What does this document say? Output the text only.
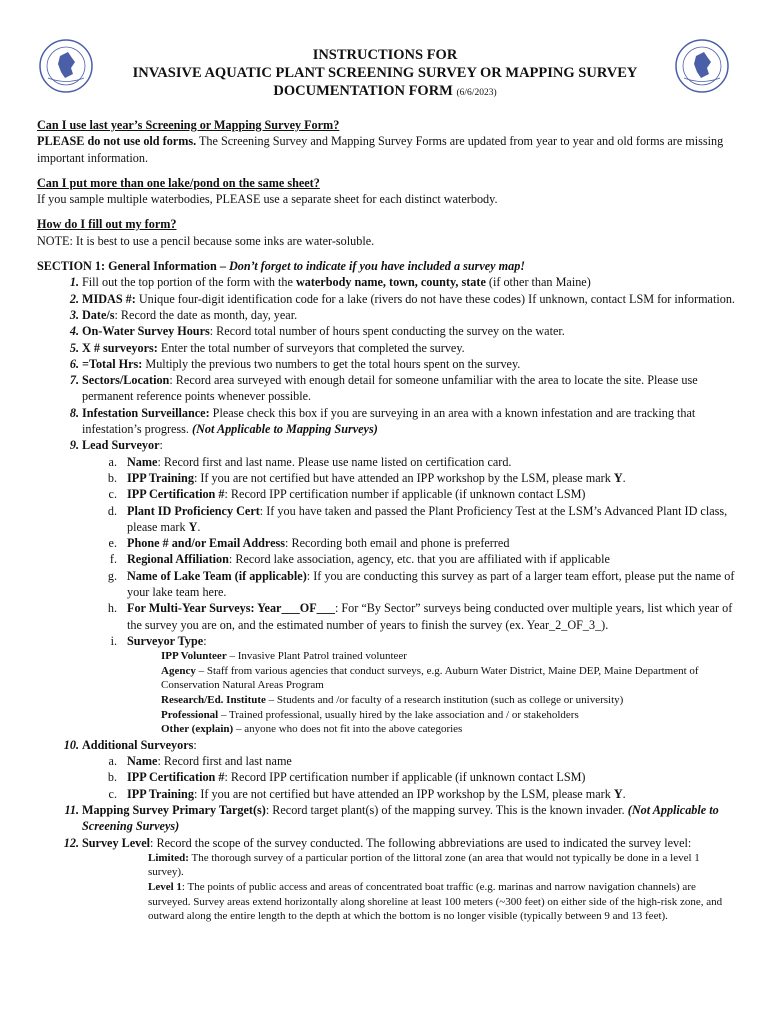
INSTRUCTIONS FOR
INVASIVE AQUATIC PLANT SCREENING SURVEY OR MAPPING SURVEY
DOCUMENTATION FORM (6/6/2023)
Can I use last year’s Screening or Mapping Survey Form?
PLEASE do not use old forms. The Screening Survey and Mapping Survey Forms are updated from year to year and old forms are missing important information.
Can I put more than one lake/pond on the same sheet?
If you sample multiple waterbodies, PLEASE use a separate sheet for each distinct waterbody.
How do I fill out my form?
NOTE: It is best to use a pencil because some inks are water-soluble.
SECTION 1: General Information – Don’t forget to indicate if you have included a survey map!
1. Fill out the top portion of the form with the waterbody name, town, county, state (if other than Maine)
2. MIDAS #: Unique four-digit identification code for a lake (rivers do not have these codes) If unknown, contact LSM for information.
3. Date/s: Record the date as month, day, year.
4. On-Water Survey Hours: Record total number of hours spent conducting the survey on the water.
5. X # surveyors: Enter the total number of surveyors that completed the survey.
6. =Total Hrs: Multiply the previous two numbers to get the total hours spent on the survey.
7. Sectors/Location: Record area surveyed with enough detail for someone unfamiliar with the area to locate the site. Please use permanent reference points whenever possible.
8. Infestation Surveillance: Please check this box if you are surveying in an area with a known infestation and are tracking that infestation’s progress. (Not Applicable to Mapping Surveys)
9. Lead Surveyor:
a. Name: Record first and last name. Please use name listed on certification card.
b. IPP Training: If you are not certified but have attended an IPP workshop by the LSM, please mark Y.
c. IPP Certification #: Record IPP certification number if applicable (if unknown contact LSM)
d. Plant ID Proficiency Cert: If you have taken and passed the Plant Proficiency Test at the LSM’s Advanced Plant ID class, please mark Y.
e. Phone # and/or Email Address: Recording both email and phone is preferred
f. Regional Affiliation: Record lake association, agency, etc. that you are affiliated with if applicable
g. Name of Lake Team (if applicable): If you are conducting this survey as part of a larger team effort, please put the name of your lake team here.
h. For Multi-Year Surveys: Year___OF___: For “By Sector” surveys being conducted over multiple years, list which year of the survey you are on, and the estimated number of years to finish the survey (ex. Year_2_OF_3_).
i. Surveyor Type:
IPP Volunteer – Invasive Plant Patrol trained volunteer
Agency – Staff from various agencies that conduct surveys, e.g. Auburn Water District, Maine DEP, Maine Department of Conservation Natural Areas Program
Research/Ed. Institute – Students and /or faculty of a research institution (such as college or university)
Professional – Trained professional, usually hired by the lake association and / or stakeholders
Other (explain) – anyone who does not fit into the above categories
10. Additional Surveyors:
a. Name: Record first and last name
b. IPP Certification #: Record IPP certification number if applicable (if unknown contact LSM)
c. IPP Training: If you are not certified but have attended an IPP workshop by the LSM, please mark Y.
11. Mapping Survey Primary Target(s): Record target plant(s) of the mapping survey. This is the known invader. (Not Applicable to Screening Surveys)
12. Survey Level: Record the scope of the survey conducted. The following abbreviations are used to indicated the survey level:
Limited: The thorough survey of a particular portion of the littoral zone (an area that would not typically be done in a level 1 survey).
Level 1: The points of public access and areas of concentrated boat traffic (e.g. marinas and narrow navigation channels) are surveyed. Survey areas extend horizontally along shoreline at least 100 meters (~300 feet) on either side of the high-risk zone, and outward along the entire length to the depth at which the bottom is no longer visible (typically between 9 and 13 feet).
